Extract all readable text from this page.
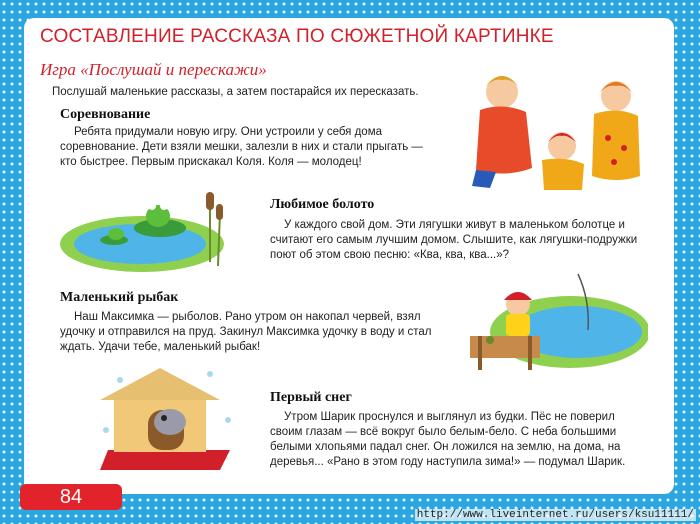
СОСТАВЛЕНИЕ РАССКАЗА ПО СЮЖЕТНОЙ КАРТИНКЕ
Игра «Послушай и перескажи»

Послушай маленькие рассказы, а затем постарайся их пересказать.

Соревнование

Ребята придумали новую игру. Они устроили у себя дома соревнование. Дети взяли мешки, залезли в них и стали прыгать — кто быстрее. Первым прискакал Коля. Коля — молодец!

Любимое болото

У каждого свой дом. Эти лягушки живут в маленьком болотце и считают его самым лучшим домом. Слышите, как лягушки-подружки поют об этом свою песню: «Ква, ква, ква...»?

Маленький рыбак

Наш Максимка — рыболов. Рано утром он накопал червей, взял удочку и отправился на пруд. Закинул Максимка удочку в воду и стал ждать. Удачи тебе, маленький рыбак!

Первый снег

Утром Шарик проснулся и выглянул из будки. Пёс не поверил своим глазам — всё вокруг было белым-бело. С неба большими белыми хлопьями падал снег. Он ложился на землю, на дома, на деревья... «Рано в этом году наступила зима!» — подумал Шарик.

84
http://www.liveinternet.ru/users/ksu11111/
